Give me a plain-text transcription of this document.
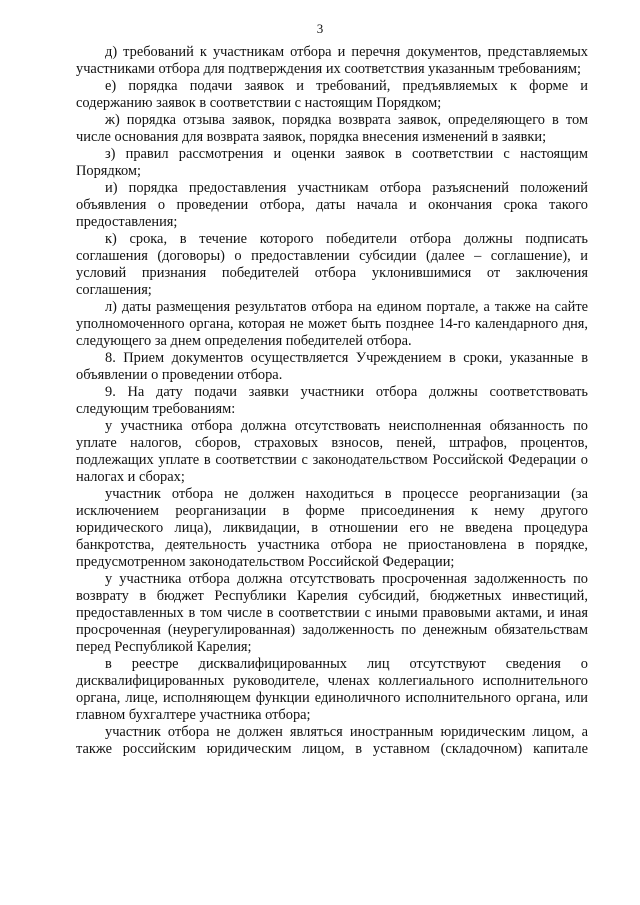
3

д) требований к участникам отбора и перечня документов, представляемых участниками отбора для подтверждения их соответствия указанным требованиям;

е) порядка подачи заявок и требований, предъявляемых к форме и содержанию заявок в соответствии с настоящим Порядком;

ж) порядка отзыва заявок, порядка возврата заявок, определяющего в том числе основания для возврата заявок, порядка внесения изменений в заявки;

з) правил рассмотрения и оценки заявок в соответствии с настоящим Порядком;

и) порядка предоставления участникам отбора разъяснений положений объявления о проведении отбора, даты начала и окончания срока такого предоставления;

к) срока, в течение которого победители отбора должны подписать соглашения (договоры) о предоставлении субсидии (далее – соглашение), и условий признания победителей отбора уклонившимися от заключения соглашения;

л) даты размещения результатов отбора на едином портале, а также на сайте уполномоченного органа, которая не может быть позднее 14-го календарного дня, следующего за днем определения победителей отбора.

8. Прием документов осуществляется Учреждением в сроки, указанные в объявлении о проведении отбора.

9. На дату подачи заявки участники отбора должны соответствовать следующим требованиям:

у участника отбора должна отсутствовать неисполненная обязанность по уплате налогов, сборов, страховых взносов, пеней, штрафов, процентов, подлежащих уплате в соответствии с законодательством Российской Федерации о налогах и сборах;

участник отбора не должен находиться в процессе реорганизации (за исключением реорганизации в форме присоединения к нему другого юридического лица), ликвидации, в отношении его не введена процедура банкротства, деятельность участника отбора не приостановлена в порядке, предусмотренном законодательством Российской Федерации;

у участника отбора должна отсутствовать просроченная задолженность по возврату в бюджет Республики Карелия субсидий, бюджетных инвестиций, предоставленных в том числе в соответствии с иными правовыми актами, и иная просроченная (неурегулированная) задолженность по денежным обязательствам перед Республикой Карелия;

в реестре дисквалифицированных лиц отсутствуют сведения о дисквалифицированных руководителе, членах коллегиального исполнительного органа, лице, исполняющем функции единоличного исполнительного органа, или главном бухгалтере участника отбора;

участник отбора не должен являться иностранным юридическим лицом, а также российским юридическим лицом, в уставном (складочном) капитале
